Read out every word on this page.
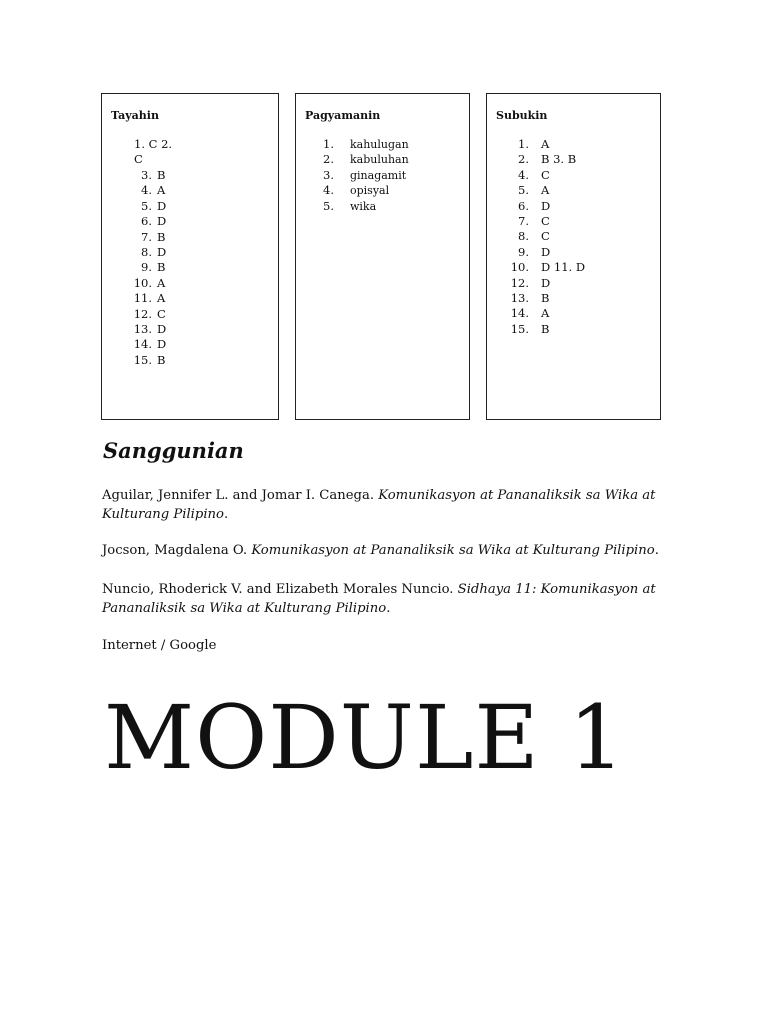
Tayahin
1. C 2. C
3. B
4. A
5. D
6. D
7. B
8. D
9. B
10. A
11. A
12. C
13. D
14. D
15. B
Pagyamanin
1. kahulugan
2. kabuluhan
3. ginagamit
4. opisyal
5. wika
Subukin
1. A
2. B 3. B
4. C
5. A
6. D
7. C
8. C
9. D
10. D 11. D
12. D
13. B
14. A
15. B
Sanggunian
Aguilar, Jennifer L. and Jomar I. Canega. Komunikasyon at Pananaliksik sa Wika at Kulturang Pilipino.
Jocson, Magdalena O. Komunikasyon at Pananaliksik sa Wika at Kulturang Pilipino.
Nuncio, Rhoderick V. and Elizabeth Morales Nuncio. Sidhaya 11: Komunikasyon at Pananaliksik sa Wika at Kulturang Pilipino.
Internet / Google
MODULE 1
